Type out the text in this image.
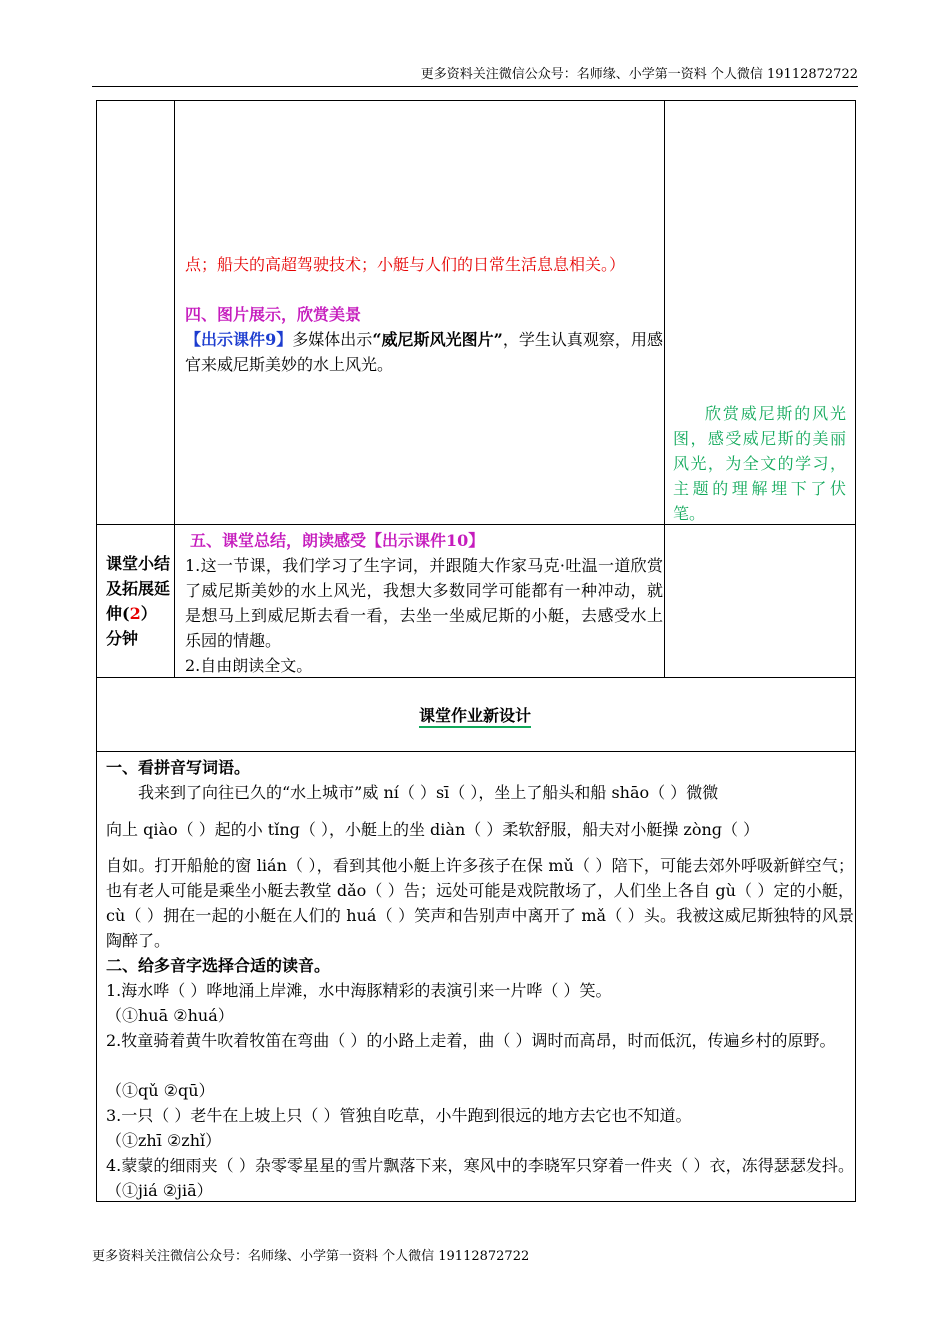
更多资料关注微信公众号：名师缘、小学第一资料 个人微信 19112872722
点；船夫的高超驾驶技术；小艇与人们的日常生活息息相关。）
四、图片展示，欣赏美景
【出示课件9】多媒体出示“威尼斯风光图片”，学生认真观察，用感官来威尼斯美妙的水上风光。
欣赏威尼斯的风光图，感受威尼斯的美丽风光，为全文的学习，主题的理解埋下了伏笔。
课堂小结及拓展延伸(2）分钟
五、课堂总结，朗读感受【出示课件10】
1.这一节课，我们学习了生字词，并跟随大作家马克·吐温一道欣赏了威尼斯美妙的水上风光，我想大多数同学可能都有一种冲动，就是想马上到威尼斯去看一看，去坐一坐威尼斯的小艇，去感受水上乐园的情趣。
2.自由朗读全文。
课堂作业新设计
一、看拼音写词语。
我来到了向往已久的“水上城市”威 ní（ ）sī（ ），坐上了船头和船 shāo（ ）微微
向上 qiào（ ）起的小 tǐnɡ（ ），小艇上的坐 diàn（ ）柔软舒服，船夫对小艇操 zònɡ（ ）
自如。打开船舱的窗 lián（ ），看到其他小艇上许多孩子在保 mǔ（ ）陪下，可能去郊外呼吸新鲜空气；也有老人可能是乘坐小艇去教堂 dǎo（ ）告；远处可能是戏院散场了，人们坐上各自 gù（ ）定的小艇，cù（ ）拥在一起的小艇在人们的 huá（ ）笑声和告别声中离开了 mǎ（ ）头。我被这威尼斯独特的风景陶醉了。
二、给多音字选择合适的读音。
1.海水哗（ ）哗地涌上岸滩，水中海豚精彩的表演引来一片哗（ ）笑。
（①huā ②huá）
2.牧童骑着黄牛吹着牧笛在弯曲（ ）的小路上走着，曲（ ）调时而高昂，时而低沉，传遍乡村的原野。
（①qǔ ②qū）
3.一只（ ）老牛在上坡上只（ ）管独自吃草，小牛跑到很远的地方去它也不知道。
（①zhī ②zhǐ）
4.蒙蒙的细雨夹（ ）杂零零星星的雪片飘落下来，寒风中的李晓军只穿着一件夹（ ）衣，冻得瑟瑟发抖。（①jiá ②jiā）
更多资料关注微信公众号：名师缘、小学第一资料 个人微信 19112872722
